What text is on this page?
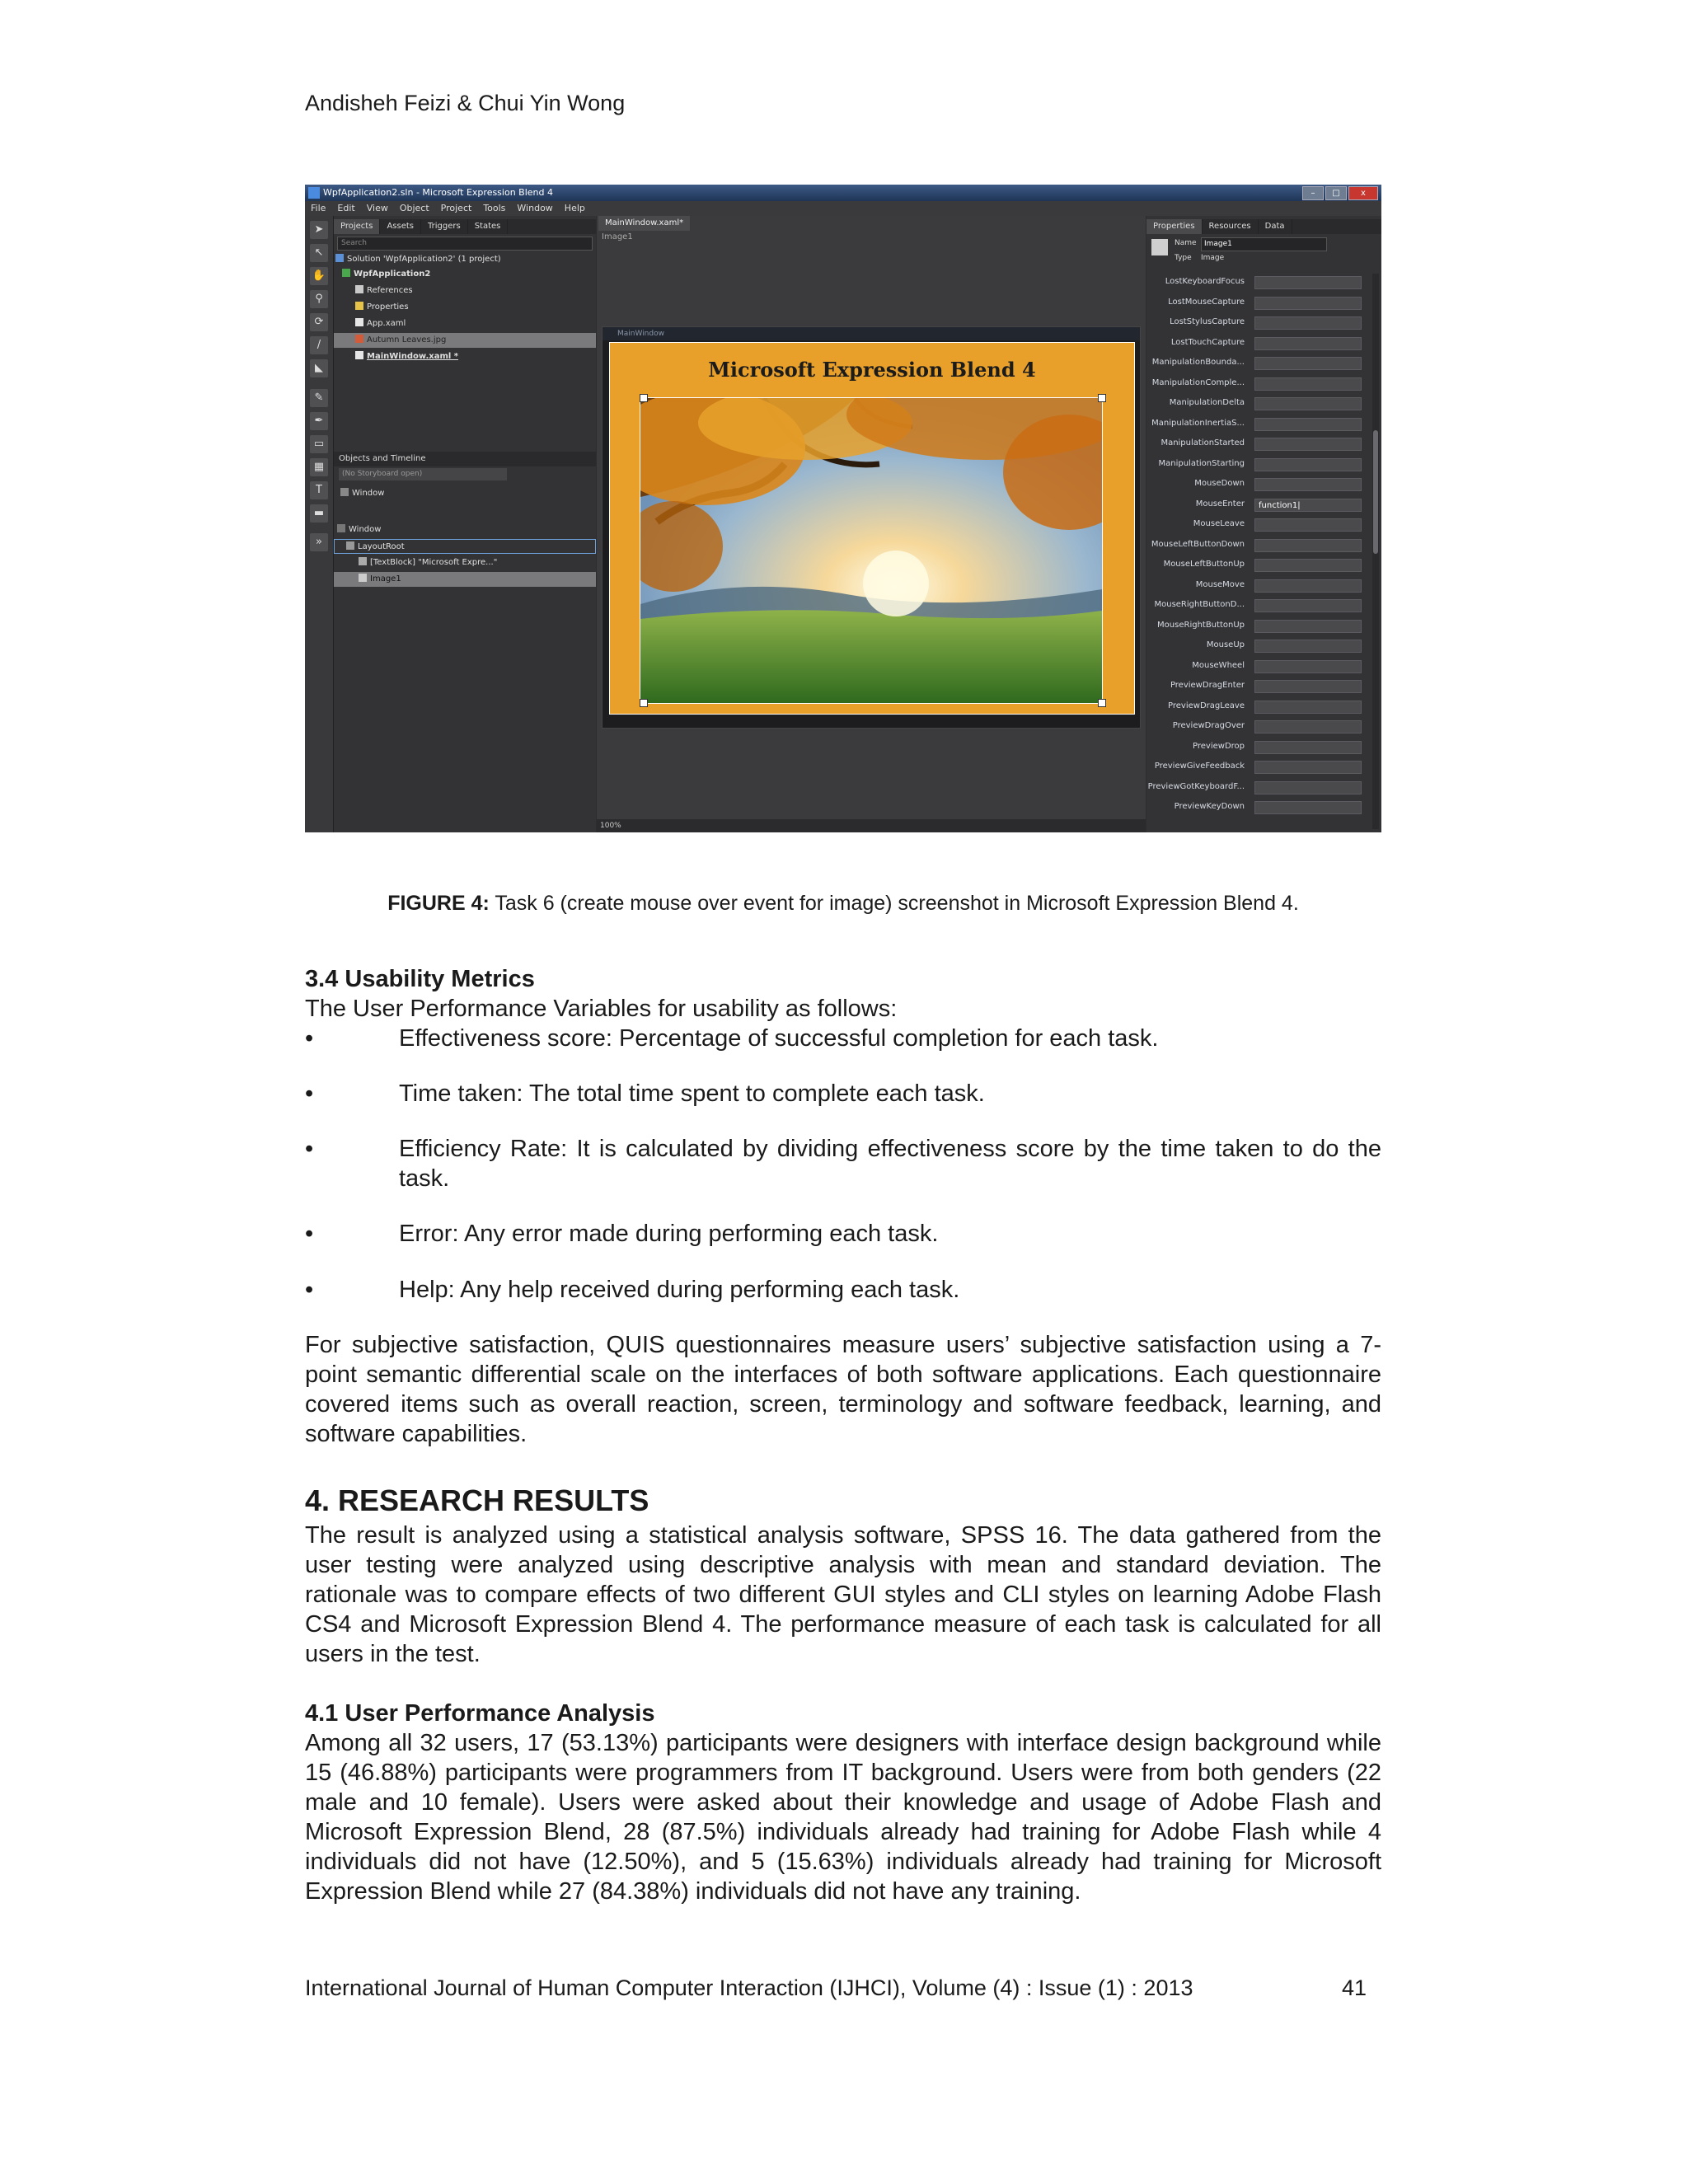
Andisheh Feizi & Chui Yin Wong
WpfApplication2.sln - Microsoft Expression Blend 4	–	□	x
File	Edit	View	Object	Project	Tools	Window	Help
➤
↖
✋
⚲
⟳
/
◣
✎
✒
▭
▦
T
▬
»
Projects	Assets	Triggers	States
Search
Solution 'WpfApplication2' (1 project)
WpfApplication2
References
Properties
App.xaml
Autumn Leaves.jpg
MainWindow.xaml *
Objects and Timeline
(No Storyboard open)
Window
Window
LayoutRoot
[TextBlock] "Microsoft Expre..."
Image1
MainWindow.xaml*
Image1
MainWindow
Microsoft Expression Blend 4
100%
Properties	Resources	Data
Name	Image1
Type Image
LostKeyboardFocus
LostMouseCapture
LostStylusCapture
LostTouchCapture
ManipulationBounda...
ManipulationComple...
ManipulationDelta
ManipulationInertiaS...
ManipulationStarted
ManipulationStarting
MouseDown
MouseEnter	function1|
MouseLeave
MouseLeftButtonDown
MouseLeftButtonUp
MouseMove
MouseRightButtonD...
MouseRightButtonUp
MouseUp
MouseWheel
PreviewDragEnter
PreviewDragLeave
PreviewDragOver
PreviewDrop
PreviewGiveFeedback
PreviewGotKeyboardF...
PreviewKeyDown
FIGURE 4: Task 6 (create mouse over event for image) screenshot in Microsoft Expression Blend 4.
3.4 Usability Metrics
The User Performance Variables for usability as follows:
•	Effectiveness score: Percentage of successful completion for each task.
•	Time taken: The total time spent to complete each task.
•	Efficiency Rate: It is calculated by dividing effectiveness score by the time taken to do the task.
•	Error: Any error made during performing each task.
•	Help: Any help received during performing each task.
For subjective satisfaction, QUIS questionnaires measure users’ subjective satisfaction using a 7-point semantic differential scale on the interfaces of both software applications. Each questionnaire covered items such as overall reaction, screen, terminology and software feedback, learning, and software capabilities.
4. RESEARCH RESULTS
The result is analyzed using a statistical analysis software, SPSS 16. The data gathered from the user testing were analyzed using descriptive analysis with mean and standard deviation. The rationale was to compare effects of two different GUI styles and CLI styles on learning Adobe Flash CS4 and Microsoft Expression Blend 4. The performance measure of each task is calculated for all users in the test.
4.1 User Performance Analysis
Among all 32 users, 17 (53.13%) participants were designers with interface design background while 15 (46.88%) participants were programmers from IT background. Users were from both genders (22 male and 10 female). Users were asked about their knowledge and usage of Adobe Flash and Microsoft Expression Blend, 28 (87.5%) individuals already had training for Adobe Flash while 4 individuals did not have (12.50%), and 5 (15.63%) individuals already had training for Microsoft Expression Blend while 27 (84.38%) individuals did not have any training.
International Journal of Human Computer Interaction (IJHCI), Volume (4) : Issue (1) : 2013	41
